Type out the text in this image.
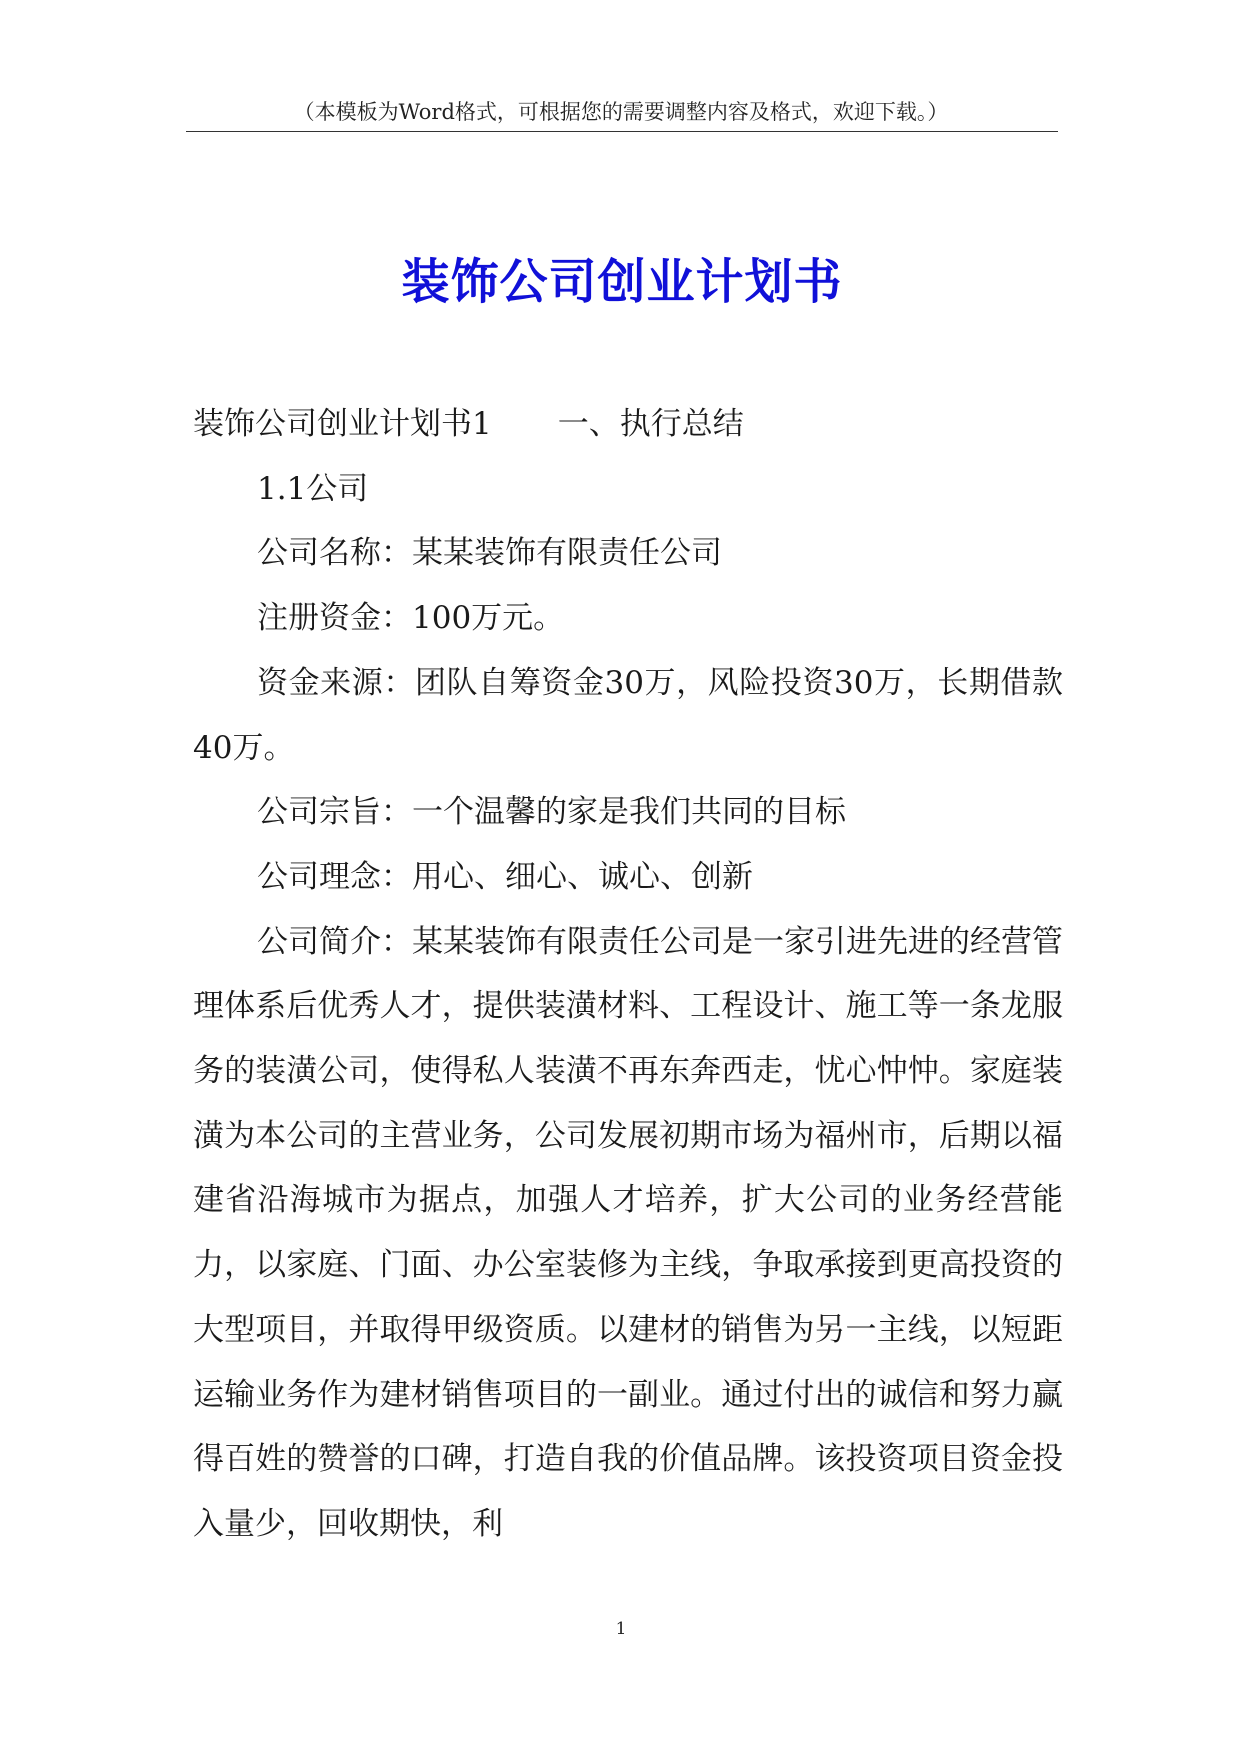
（本模板为Word格式，可根据您的需要调整内容及格式，欢迎下载。）
装饰公司创业计划书

装饰公司创业计划书1 一、执行总结

1.1公司

公司名称：某某装饰有限责任公司

注册资金：100万元。

资金来源：团队自筹资金30万，风险投资30万，长期借款40万。

公司宗旨：一个温馨的家是我们共同的目标

公司理念：用心、细心、诚心、创新

公司简介：某某装饰有限责任公司是一家引进先进的经营管理体系后优秀人才，提供装潢材料、工程设计、施工等一条龙服务的装潢公司，使得私人装潢不再东奔西走，忧心忡忡。家庭装潢为本公司的主营业务，公司发展初期市场为福州市，后期以福建省沿海城市为据点，加强人才培养，扩大公司的业务经营能力，以家庭、门面、办公室装修为主线，争取承接到更高投资的大型项目，并取得甲级资质。以建材的销售为另一主线，以短距运输业务作为建材销售项目的一副业。通过付出的诚信和努力赢得百姓的赞誉的口碑，打造自我的价值品牌。该投资项目资金投入量少，回收期快，利

1
